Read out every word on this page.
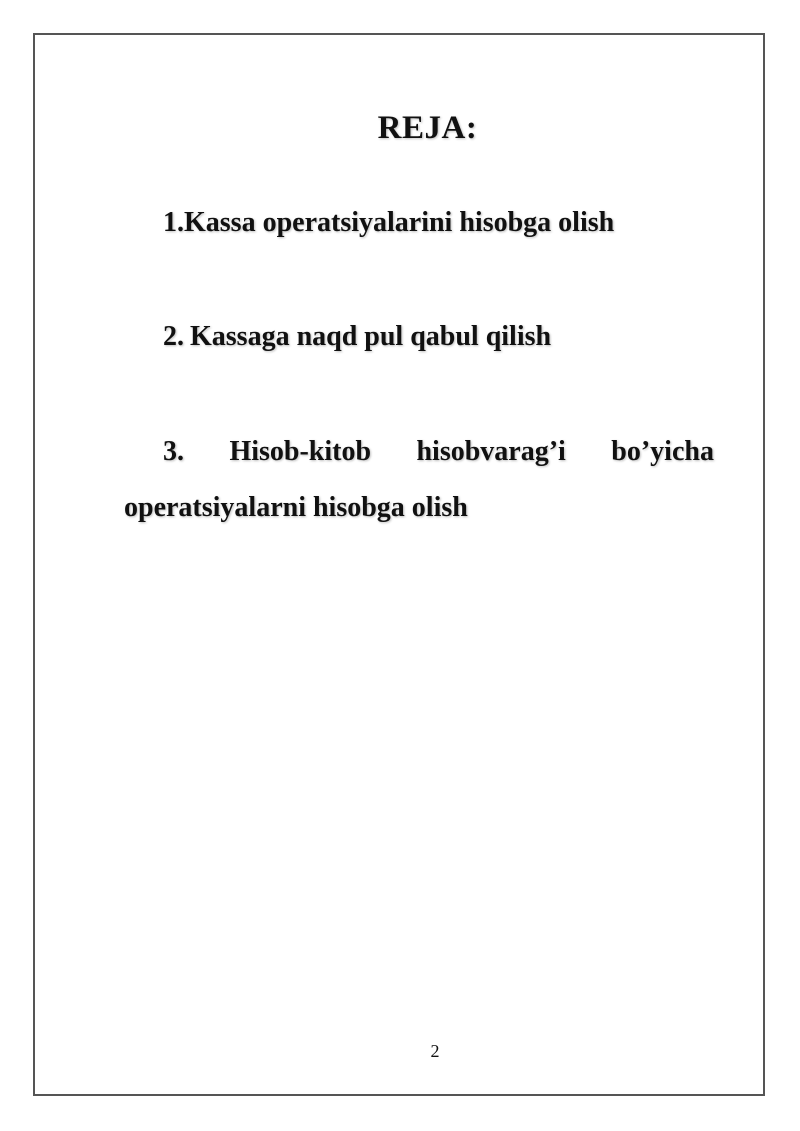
REJA:
1.Kassa operatsiyalarini hisobga olish
2. Kassaga naqd pul qabul qilish
3. Hisob-kitob hisobvarag’i bo’yicha
operatsiyalarni hisobga olish
2
